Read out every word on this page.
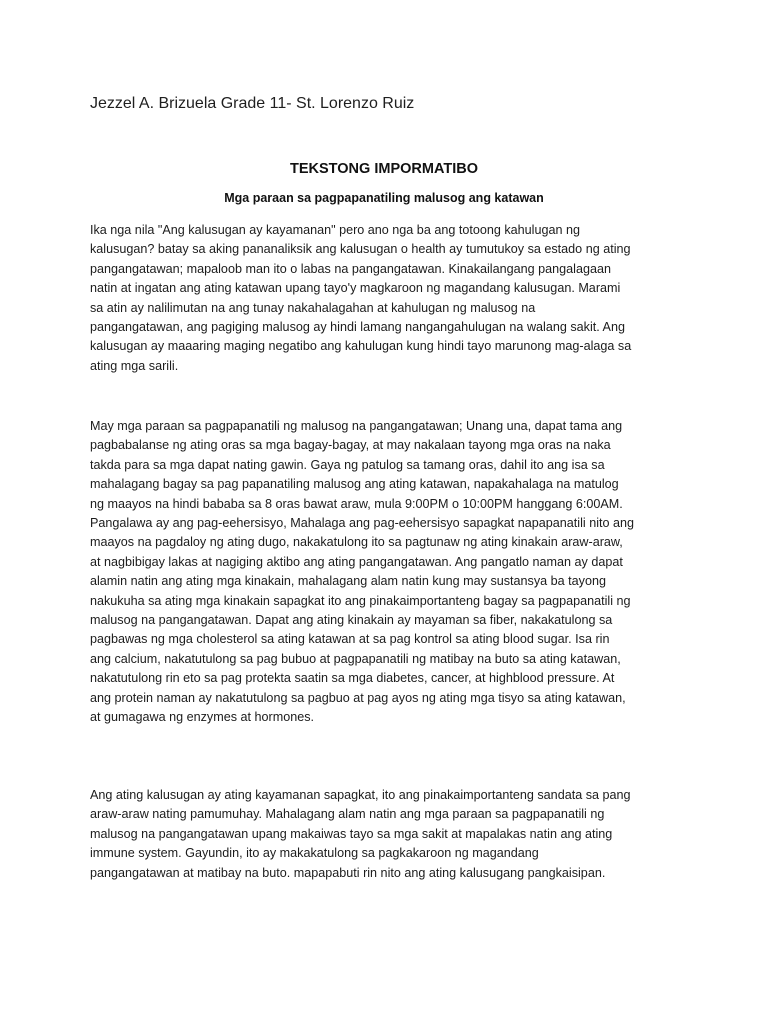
Jezzel A. Brizuela Grade 11- St. Lorenzo Ruiz
TEKSTONG IMPORMATIBO
Mga paraan sa pagpapanatiling malusog ang katawan
Ika nga nila "Ang kalusugan ay kayamanan" pero ano nga ba ang totoong kahulugan ng
kalusugan? batay sa aking pananaliksik ang kalusugan o health ay tumutukoy sa estado ng ating
pangangatawan; mapaloob man ito o labas na pangangatawan. Kinakailangang pangalagaan
natin at ingatan ang ating katawan upang tayo'y magkaroon ng magandang kalusugan. Marami
sa atin ay nalilimutan na ang tunay nakahalagahan at kahulugan ng malusog na
pangangatawan, ang pagiging malusog ay hindi lamang nangangahulugan na walang sakit. Ang
kalusugan ay maaaring maging negatibo ang kahulugan kung hindi tayo marunong mag-alaga sa
ating mga sarili.
May mga paraan sa pagpapanatili ng malusog na pangangatawan; Unang una, dapat tama ang
pagbabalanse ng ating oras sa mga bagay-bagay, at may nakalaan tayong mga oras na naka
takda para sa mga dapat nating gawin. Gaya ng patulog sa tamang oras, dahil ito ang isa sa
mahalagang bagay sa pag papanatiling malusog ang ating katawan, napakahalaga na matulog
ng maayos na hindi bababa sa 8 oras bawat araw, mula 9:00PM o 10:00PM hanggang 6:00AM.
Pangalawa ay ang pag-eehersisyo, Mahalaga ang pag-eehersisyo sapagkat napapanatili nito ang
maayos na pagdaloy ng ating dugo, nakakatulong ito sa pagtunaw ng ating kinakain araw-araw,
at nagbibigay lakas at nagiging aktibo ang ating pangangatawan. Ang pangatlo naman ay dapat
alamin natin ang ating mga kinakain, mahalagang alam natin kung may sustansya ba tayong
nakukuha sa ating mga kinakain sapagkat ito ang pinakaimportanteng bagay sa pagpapanatili ng
malusog na pangangatawan. Dapat ang ating kinakain ay mayaman sa fiber, nakakatulong sa
pagbawas ng mga cholesterol sa ating katawan at sa pag kontrol sa ating blood sugar. Isa rin
ang calcium, nakatutulong sa pag bubuo at pagpapanatili ng matibay na buto sa ating katawan,
nakatutulong rin eto sa pag protekta saatin sa mga diabetes, cancer, at highblood pressure. At
ang protein naman ay nakatutulong sa pagbuo at pag ayos ng ating mga tisyo sa ating katawan,
at gumagawa ng enzymes at hormones.
Ang ating kalusugan ay ating kayamanan sapagkat, ito ang pinakaimportanteng sandata sa pang
araw-araw nating pamumuhay. Mahalagang alam natin ang mga paraan sa pagpapanatili ng
malusog na pangangatawan upang makaiwas tayo sa mga sakit at mapalakas natin ang ating
immune system. Gayundin, ito ay makakatulong sa pagkakaroon ng magandang
pangangatawan at matibay na buto. mapapabuti rin nito ang ating kalusugang pangkaisipan.
